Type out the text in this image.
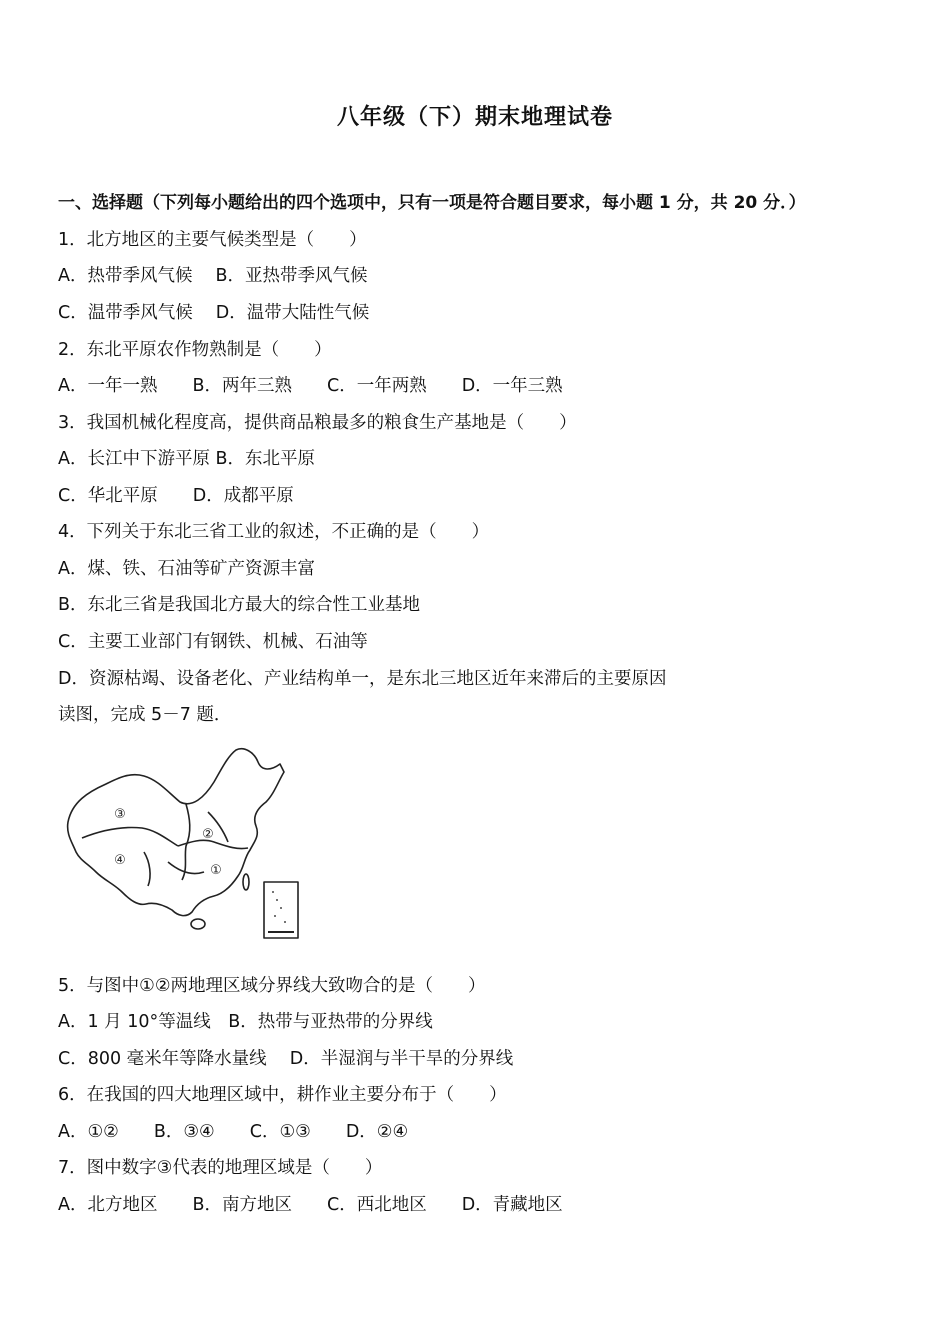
八年级（下）期末地理试卷
一、选择题（下列每小题给出的四个选项中，只有一项是符合题目要求，每小题 1 分，共 20 分．）
1．北方地区的主要气候类型是（　　）
A．热带季风气候　 B．亚热带季风气候
C．温带季风气候　 D．温带大陆性气候
2．东北平原农作物熟制是（　　）
A．一年一熟　　B．两年三熟　　C．一年两熟　　D．一年三熟
3．我国机械化程度高，提供商品粮最多的粮食生产基地是（　　）
A．长江中下游平原 B．东北平原
C．华北平原　　D．成都平原
4．下列关于东北三省工业的叙述，不正确的是（　　）
A．煤、铁、石油等矿产资源丰富
B．东北三省是我国北方最大的综合性工业基地
C．主要工业部门有钢铁、机械、石油等
D．资源枯竭、设备老化、产业结构单一，是东北三地区近年来滞后的主要原因
读图，完成 5－7 题．
③
②
④
①
5．与图中①②两地理区域分界线大致吻合的是（　　）
A．1 月 10°等温线　B．热带与亚热带的分界线
C．800 毫米年等降水量线　 D．半湿润与半干旱的分界线
6．在我国的四大地理区域中，耕作业主要分布于（　　）
A．①②　　B．③④　　C．①③　　D．②④
7．图中数字③代表的地理区域是（　　）
A．北方地区　　B．南方地区　　C．西北地区　　D．青藏地区
